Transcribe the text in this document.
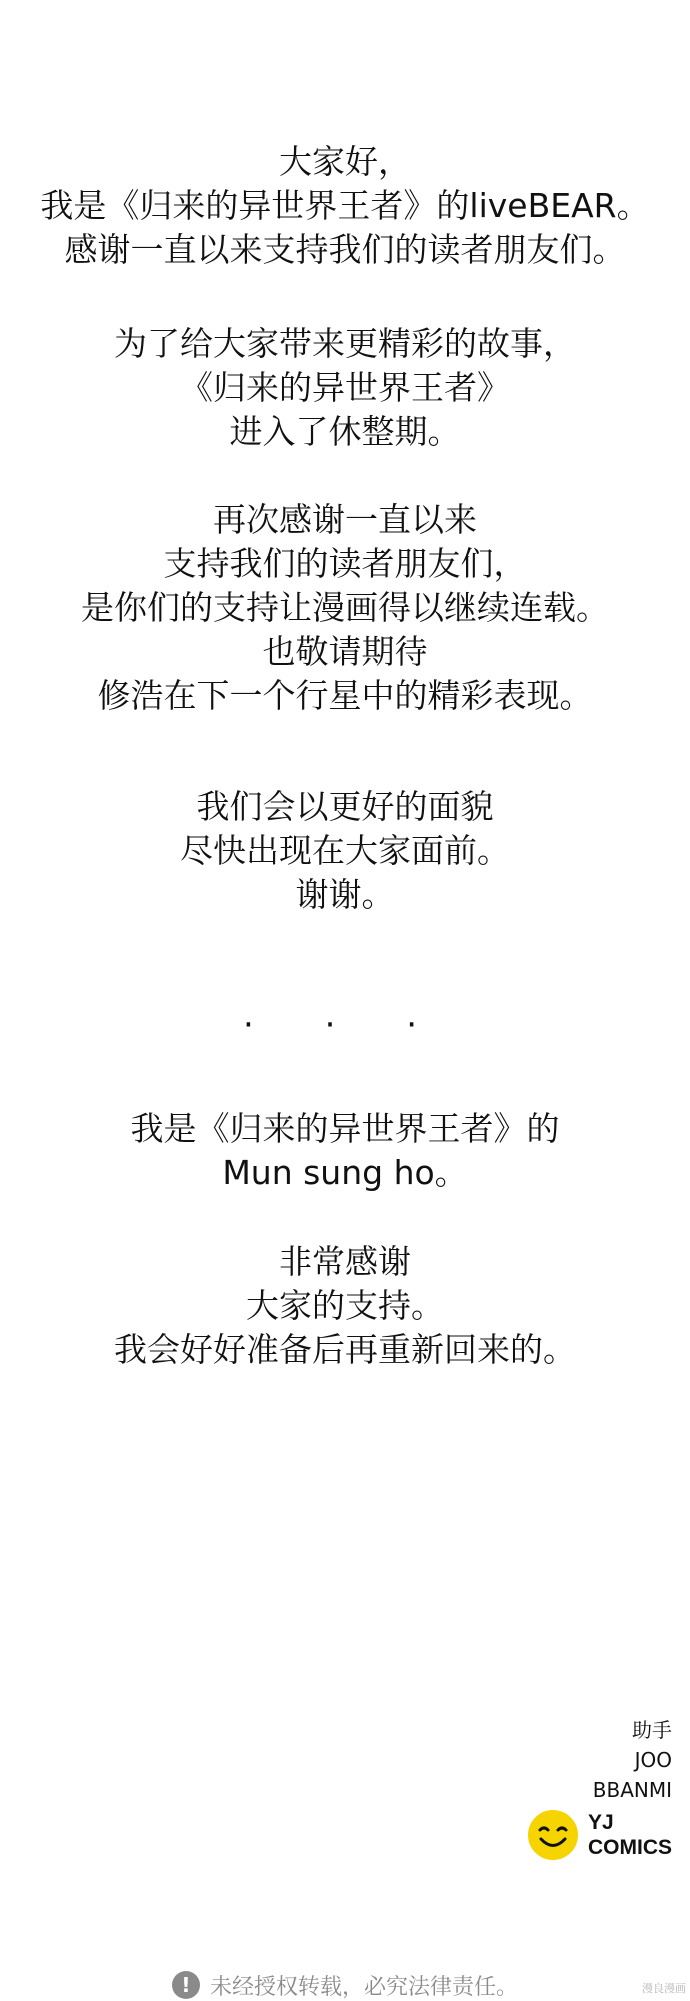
大家好，
我是《归来的异世界王者》的liveBEAR。
感谢一直以来支持我们的读者朋友们。
为了给大家带来更精彩的故事，
《归来的异世界王者》
进入了休整期。
再次感谢一直以来
支持我们的读者朋友们，
是你们的支持让漫画得以继续连载。
也敬请期待
修浩在下一个行星中的精彩表现。
我们会以更好的面貌
尽快出现在大家面前。
谢谢。
· · ·
我是《归来的异世界王者》的
Mun sung ho。
非常感谢
大家的支持。
我会好好准备后再重新回来的。
助手
JOO
BBANMI
YJ
COMICS
! 未经授权转载，必究法律责任。	漫良漫画
